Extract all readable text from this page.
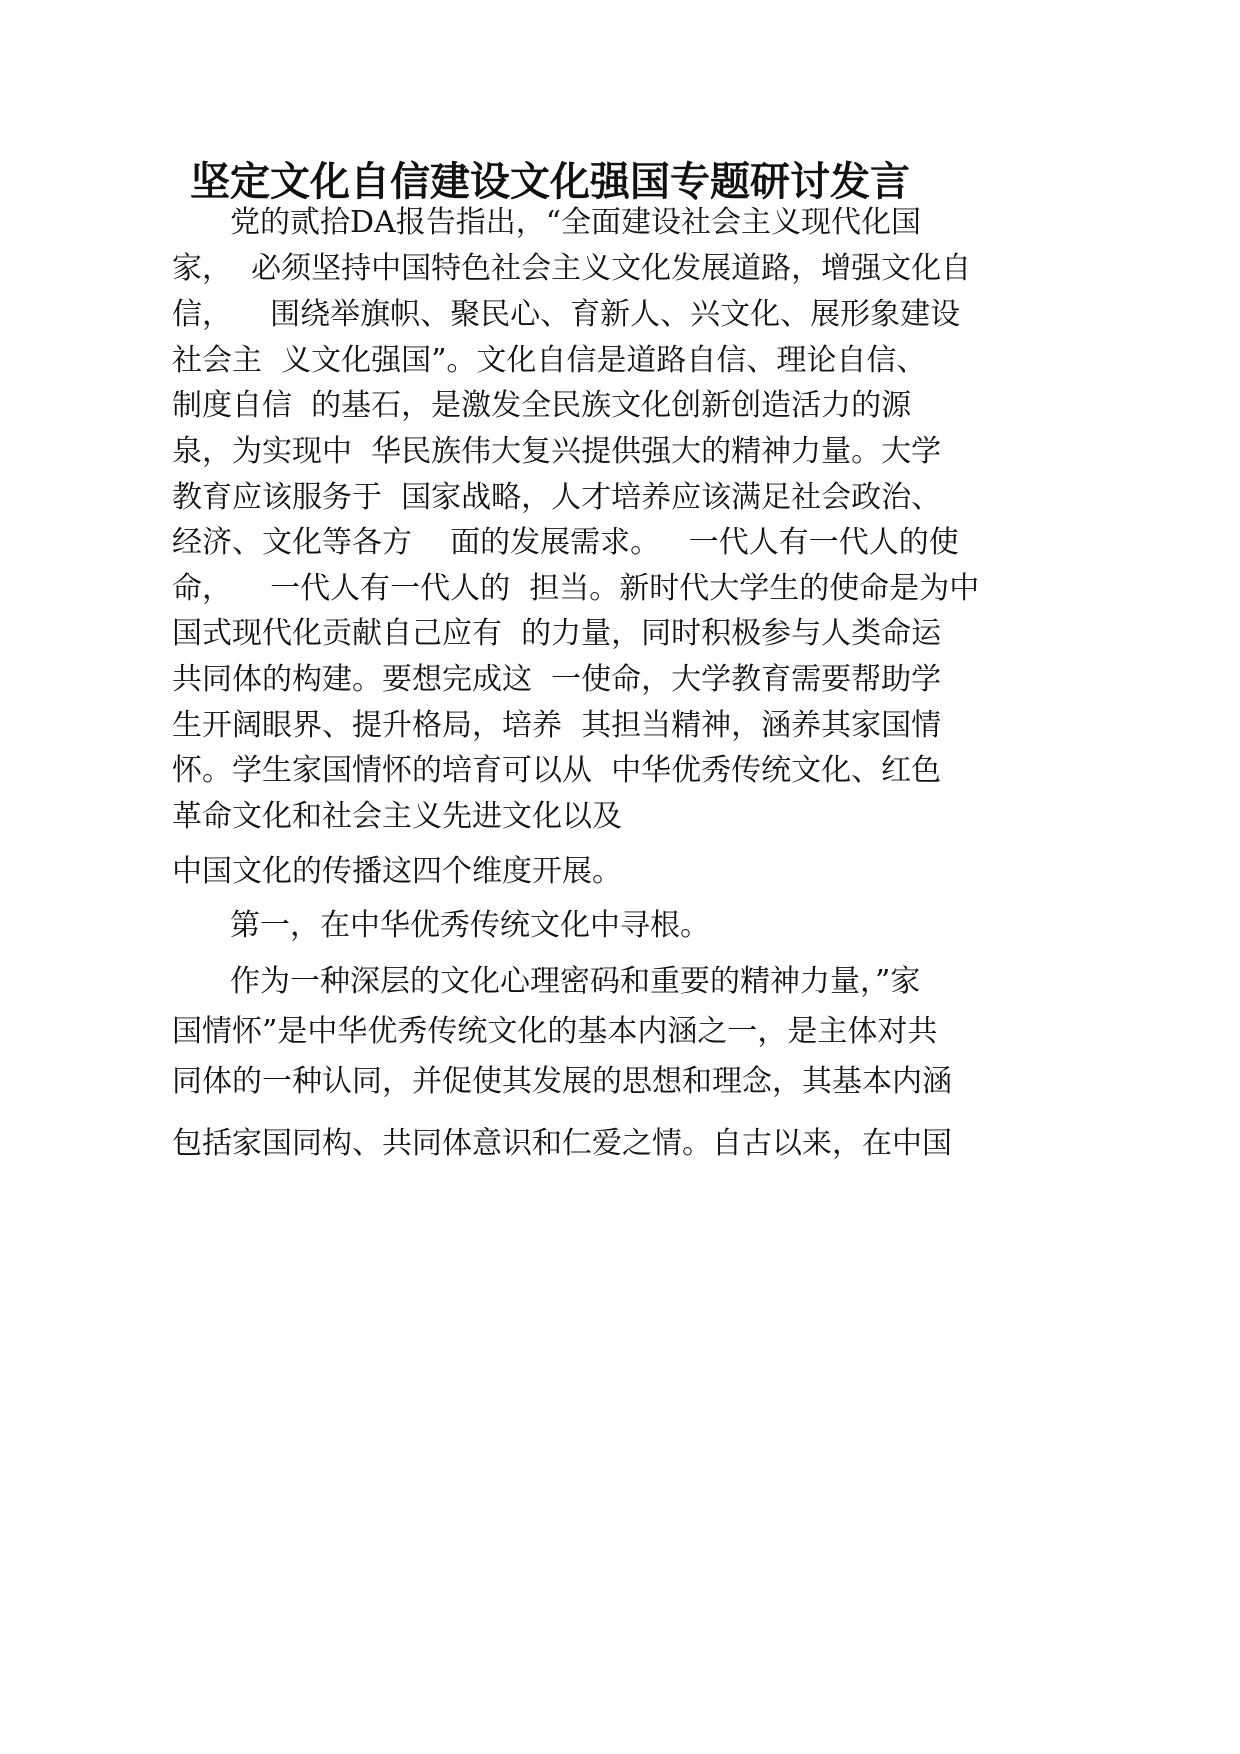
坚定文化自信建设文化强国专题研讨发言
党的贰拾DA报告指出，“全面建设社会主义现代化国
家，  必须坚持中国特色社会主义文化发展道路，增强文化自
信，    围绕举旗帜、聚民心、育新人、兴文化、展形象建设
社会主  义文化强国”。文化自信是道路自信、理论自信、
制度自信  的基石，是激发全民族文化创新创造活力的源
泉，为实现中  华民族伟大复兴提供强大的精神力量。大学
教育应该服务于  国家战略，人才培养应该满足社会政治、
经济、文化等各方    面的发展需求。   一代人有一代人的使
命，    一代人有一代人的  担当。新时代大学生的使命是为中
国式现代化贡献自己应有  的力量，同时积极参与人类命运
共同体的构建。要想完成这  一使命，大学教育需要帮助学
生开阔眼界、提升格局，培养  其担当精神，涵养其家国情
怀。学生家国情怀的培育可以从  中华优秀传统文化、红色
革命文化和社会主义先进文化以及
中国文化的传播这四个维度开展。
第一，在中华优秀传统文化中寻根。
作为一种深层的文化心理密码和重要的精神力量，”家
国情怀”是中华优秀传统文化的基本内涵之一，是主体对共
同体的一种认同，并促使其发展的思想和理念，其基本内涵
包括家国同构、共同体意识和仁爱之情。自古以来，在中国
